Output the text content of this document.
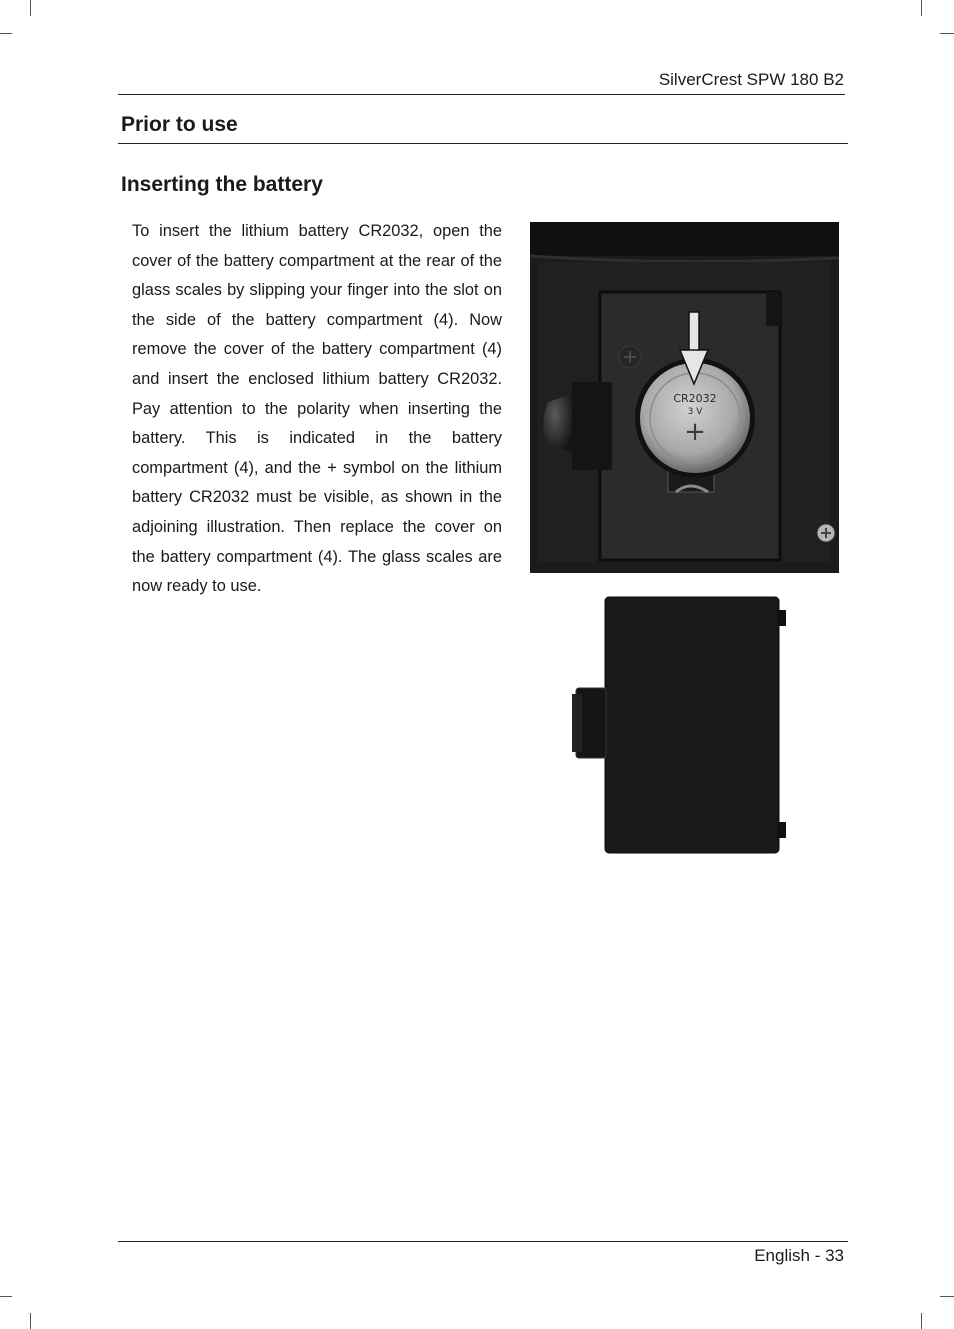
SilverCrest SPW 180 B2
Prior to use
Inserting the battery

To insert the lithium battery CR2032, open the cover of the battery compartment at the rear of the glass scales by slipping your finger into the slot on the side of the battery compartment (4). Now remove the cover of the battery compartment (4) and insert the enclosed lithium battery CR2032. Pay attention to the polarity when inserting the battery. This is indicated in the battery compartment (4), and the + symbol on the lithium battery CR2032 must be visible, as shown in the adjoining illustration. Then replace the cover on the battery compartment (4). The glass scales are now ready to use.

CR2032
3 V
+
English - 33
